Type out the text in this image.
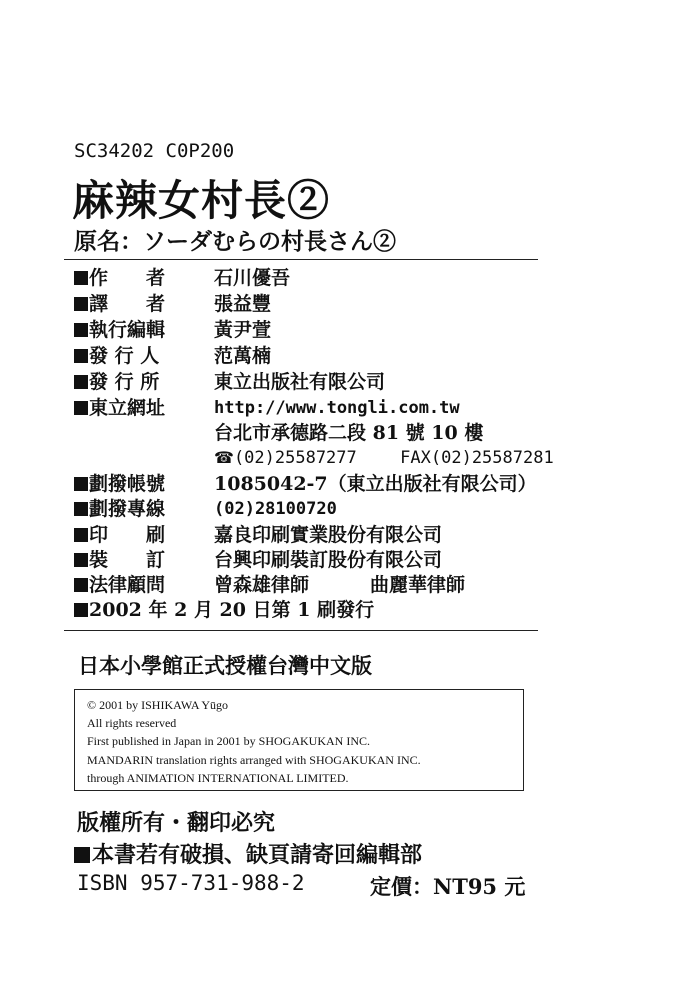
SC34202 C0P200
麻辣女村長②
原名：ソーダむらの村長さん②
作　　者	石川優吾
譯　　者	張益豐
執行編輯	黃尹萱
發 行 人	范萬楠
發 行 所	東立出版社有限公司
東立網址	http://www.tongli.com.tw
台北市承德路二段 81 號 10 樓
☎(02)25587277	FAX(02)25587281
劃撥帳號	1085042-7（東立出版社有限公司）
劃撥專線	(02)28100720
印　　刷	嘉良印刷實業股份有限公司
裝　　訂	台興印刷裝訂股份有限公司
法律顧問	曾森雄律師	曲麗華律師
2002 年 2 月 20 日第 1 刷發行
日本小學館正式授權台灣中文版
© 2001 by ISHIKAWA Yūgo
All rights reserved
First published in Japan in 2001 by SHOGAKUKAN INC.
MANDARIN translation rights arranged with SHOGAKUKAN INC.
through ANIMATION INTERNATIONAL LIMITED.
版權所有・翻印必究
本書若有破損、缺頁請寄回編輯部
ISBN 957-731-988-2	定價：NT95 元
